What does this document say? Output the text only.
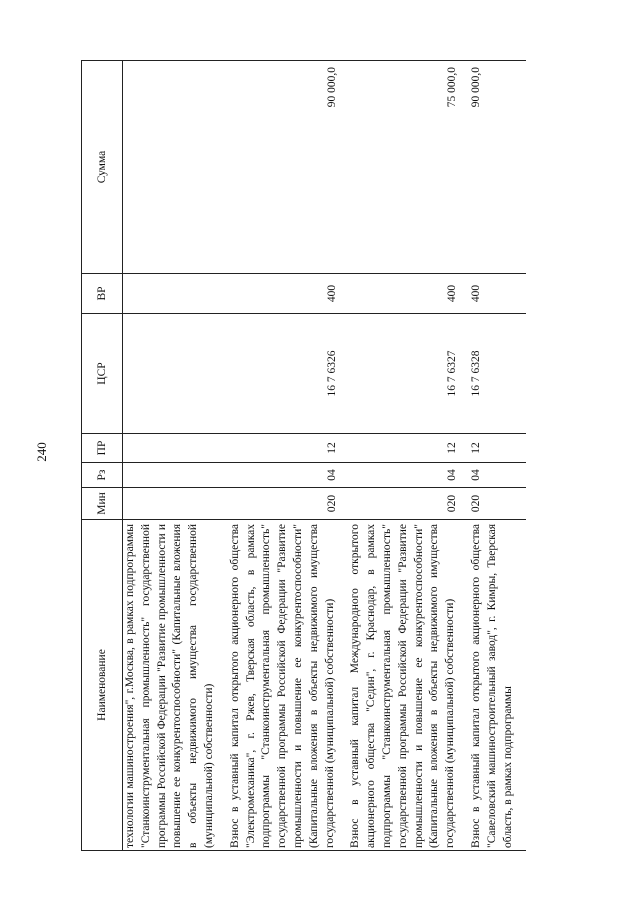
240
Наименование	Мин	Рз	ПР	ЦСР	ВР	Сумма
технологии машиностроения", г.Москва, в рамках подпрограммы "Станкоинструментальная промышленность" государственной программы Российской Федерации "Развитие промышленности и повышение ее конкурентоспособности" (Капитальные вложения в объекты недвижимого имущества государственной (муниципальной) собственности)						
Взнос в уставный капитал открытого акционерного общества "Электромеханика", г. Ржев, Тверская область, в рамках подпрограммы "Станкоинструментальная промышленность" государственной программы Российской Федерации "Развитие промышленности и повышение ее конкурентоспособности" (Капитальные вложения в объекты недвижимого имущества государственной (муниципальной) собственности)	020	04	12	16 7 6326	400	90 000,0
Взнос в уставный капитал Международного открытого акционерного общества "Седин", г. Краснодар, в рамках подпрограммы "Станкоинструментальная промышленность" государственной программы Российской Федерации "Развитие промышленности и повышение ее конкурентоспособности" (Капитальные вложения в объекты недвижимого имущества государственной (муниципальной) собственности)	020	04	12	16 7 6327	400	75 000,0
Взнос в уставный капитал открытого акционерного общества "Савеловский машиностроительный завод", г. Кимры, Тверская область, в рамках подпрограммы	020	04	12	16 7 6328	400	90 000,0
